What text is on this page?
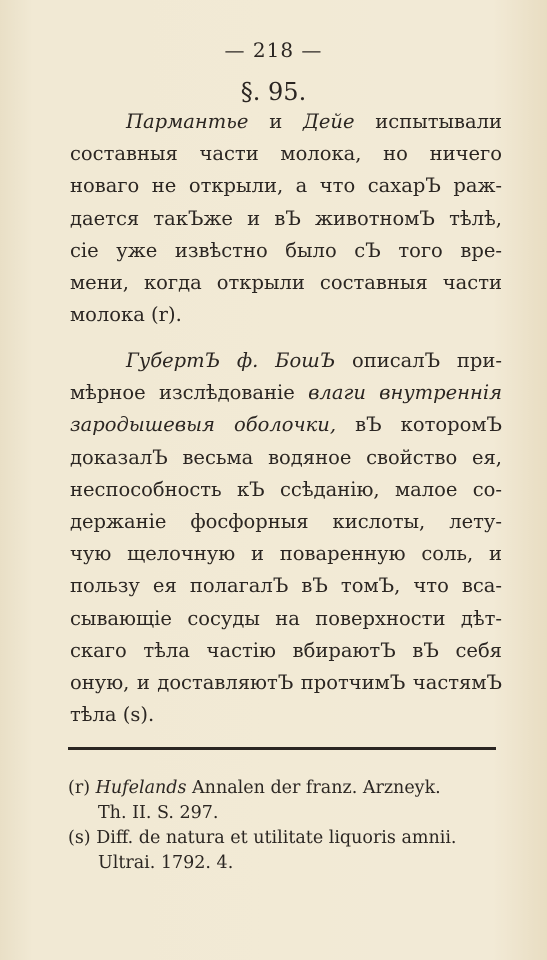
— 218 —
§. 95.
Пармантье и Дейе испытывали
составныя части молока, но ничего
новаго не открыли, а что сахарЪ раж-
дается такЪже и вЪ животномЪ тѣлѣ,
сіе уже извѣстно было сЪ того вре-
мени, когда открыли составныя части
молока (r).
ГубертЪ ф. БошЪ описалЪ при-
мѣрное изслѣдованіе влаги внутреннія
зародышевыя оболочки, вЪ которомЪ
доказалЪ весьма водяное свойство ея,
неспособность кЪ ссѣданію, малое со-
держаніе фосфорныя кислоты, лету-
чую щелочную и поваренную соль, и
пользу ея полагалЪ вЪ томЪ, что вса-
сывающіе сосуды на поверхности дѣт-
скаго тѣла частію вбираютЪ вЪ себя
оную, и доставляютЪ протчимЪ частямЪ
тѣла (s).
(r) Hufelands Annalen der franz. Arzneyk.
Th. II. S. 297.
(s) Diff. de natura et utilitate liquoris amnii.
Ultrai. 1792. 4.
